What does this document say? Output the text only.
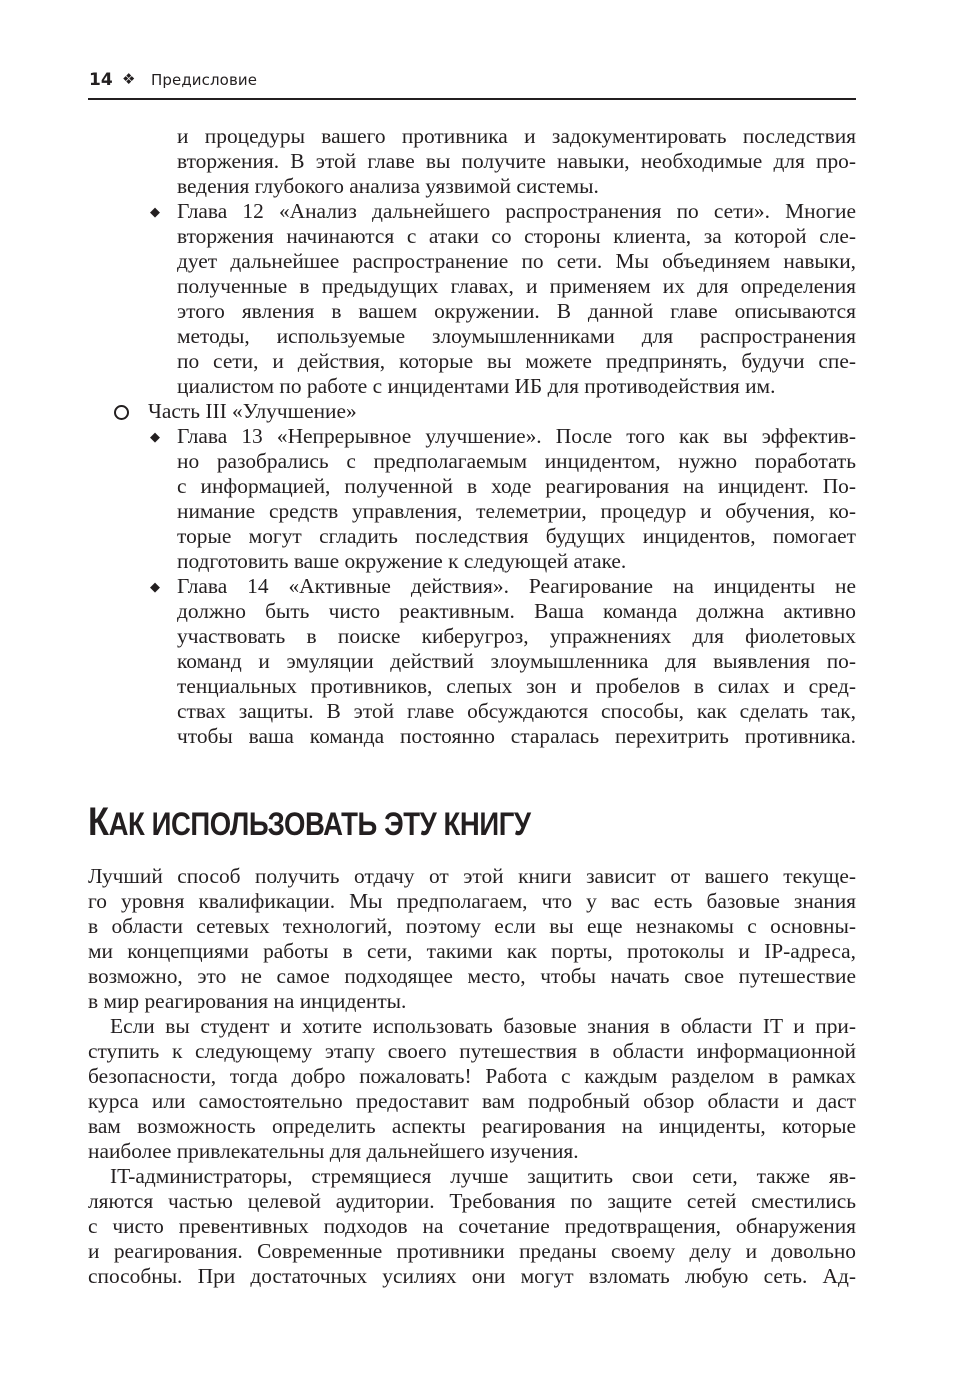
14 ❖ Предисловие
и процедуры вашего противника и задокументировать последствия
вторжения. В этой главе вы получите навыки, необходимые для про-
ведения глубокого анализа уязвимой системы.
◆ Глава 12 «Анализ дальнейшего распространения по сети». Многие
вторжения начинаются с атаки со стороны клиента, за которой сле-
дует дальнейшее распространение по сети. Мы объединяем навыки,
полученные в предыдущих главах, и применяем их для определения
этого явления в вашем окружении. В данной главе описываются
методы, используемые злоумышленниками для распространения
по сети, и действия, которые вы можете предпринять, будучи спе-
циалистом по работе с инцидентами ИБ для противодействия им.
Часть III «Улучшение»
◆ Глава 13 «Непрерывное улучшение». После того как вы эффектив-
но разобрались с предполагаемым инцидентом, нужно поработать
с информацией, полученной в ходе реагирования на инцидент. По-
нимание средств управления, телеметрии, процедур и обучения, ко-
торые могут сгладить последствия будущих инцидентов, помогает
подготовить ваше окружение к следующей атаке.
◆ Глава 14 «Активные действия». Реагирование на инциденты не
должно быть чисто реактивным. Ваша команда должна активно
участвовать в поиске киберугроз, упражнениях для фиолетовых
команд и эмуляции действий злоумышленника для выявления по-
тенциальных противников, слепых зон и пробелов в силах и сред-
ствах защиты. В этой главе обсуждаются способы, как сделать так,
чтобы ваша команда постоянно старалась перехитрить противника.
КАК ИСПОЛЬЗОВАТЬ ЭТУ КНИГУ
Лучший способ получить отдачу от этой книги зависит от вашего текуще-
го уровня квалификации. Мы предполагаем, что у вас есть базовые знания
в области сетевых технологий, поэтому если вы еще незнакомы с основны-
ми концепциями работы в сети, такими как порты, протоколы и IP-адреса,
возможно, это не самое подходящее место, чтобы начать свое путешествие
в мир реагирования на инциденты.
Если вы студент и хотите использовать базовые знания в области IT и при-
ступить к следующему этапу своего путешествия в области информационной
безопасности, тогда добро пожаловать! Работа с каждым разделом в рамках
курса или самостоятельно предоставит вам подробный обзор области и даст
вам возможность определить аспекты реагирования на инциденты, которые
наиболее привлекательны для дальнейшего изучения.
IT-администраторы, стремящиеся лучше защитить свои сети, также яв-
ляются частью целевой аудитории. Требования по защите сетей сместились
с чисто превентивных подходов на сочетание предотвращения, обнаружения
и реагирования. Современные противники преданы своему делу и довольно
способны. При достаточных усилиях они могут взломать любую сеть. Ад-
